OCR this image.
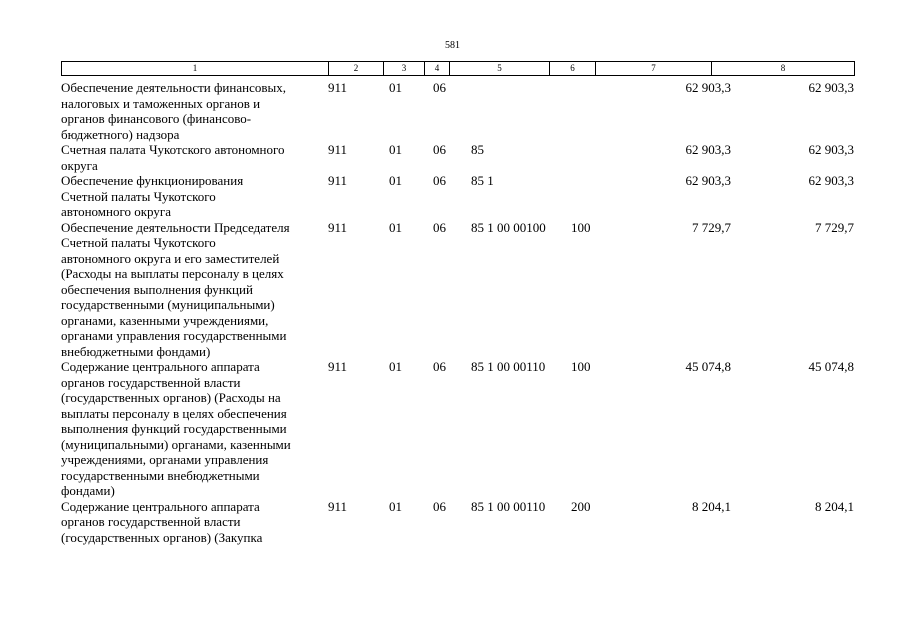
581
1	2	3	4	5	6	7	8
Обеспечение деятельности финансовых,
налоговых и таможенных органов и
органов финансового (финансово-
бюджетного) надзора
911	01 06	62 903,3	62 903,3
Счетная палата Чукотского автономного
округа
911	01 06 85	62 903,3	62 903,3
Обеспечение функционирования
Счетной палаты Чукотского
автономного округа
911	01 06 85 1	62 903,3	62 903,3
Обеспечение деятельности Председателя
Счетной палаты Чукотского
автономного округа и его заместителей
(Расходы на выплаты персоналу в целях
обеспечения выполнения функций
государственными (муниципальными)
органами, казенными учреждениями,
органами управления государственными
внебюджетными фондами)
911	01 06 85 1 00 00100 100	7 729,7	7 729,7
Содержание центрального аппарата
органов государственной власти
(государственных органов) (Расходы на
выплаты персоналу в целях обеспечения
выполнения функций государственными
(муниципальными) органами, казенными
учреждениями, органами управления
государственными внебюджетными
фондами)
911	01 06 85 1 00 00110 100	45 074,8	45 074,8
Содержание центрального аппарата
органов государственной власти
(государственных органов) (Закупка
911	01 06 85 1 00 00110 200	8 204,1	8 204,1
